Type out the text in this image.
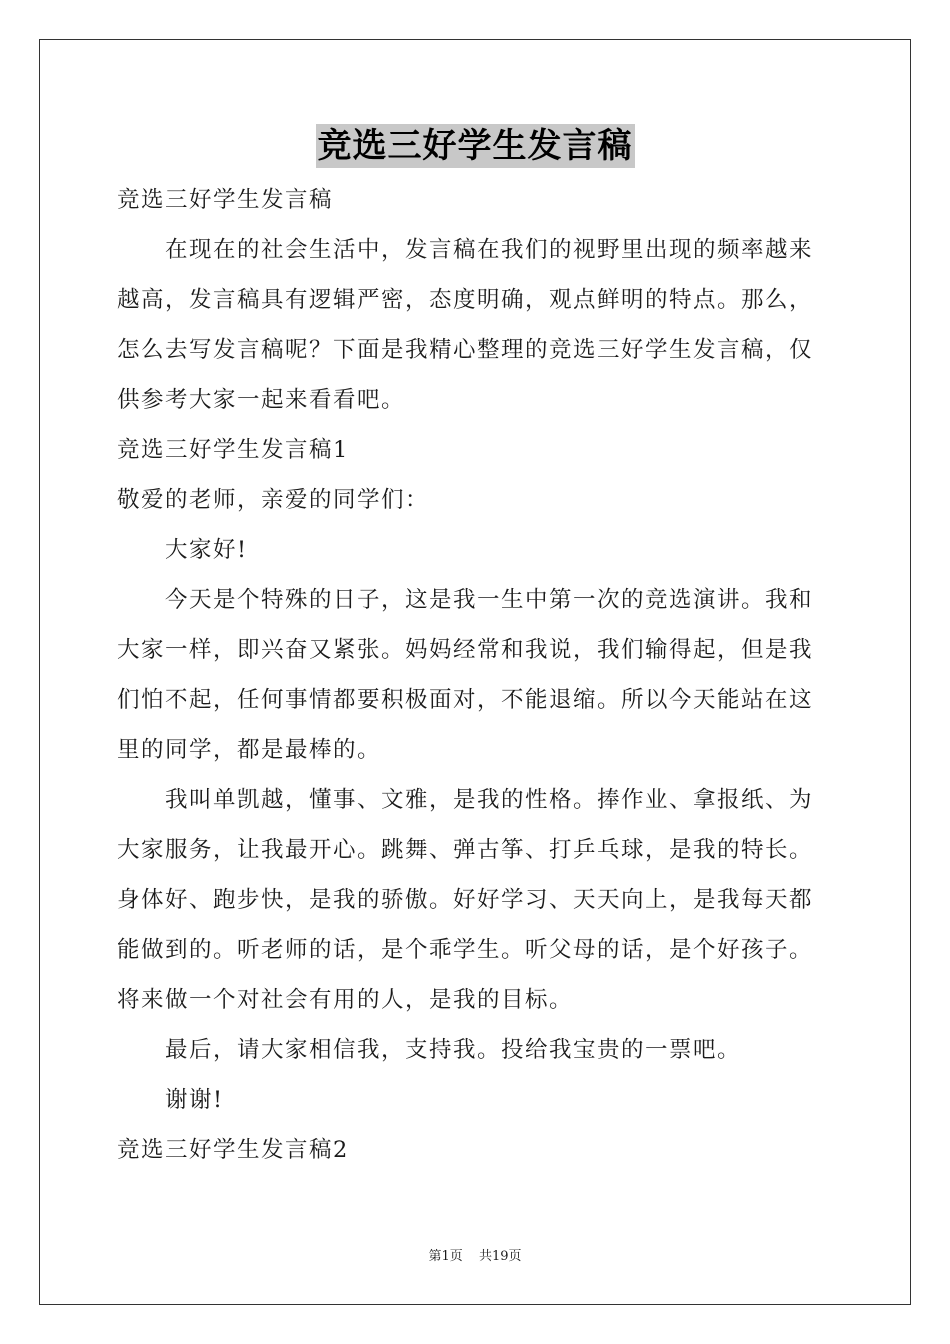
竞选三好学生发言稿

竞选三好学生发言稿

在现在的社会生活中，发言稿在我们的视野里出现的频率越来越高，发言稿具有逻辑严密，态度明确，观点鲜明的特点。那么，怎么去写发言稿呢？下面是我精心整理的竞选三好学生发言稿，仅供参考大家一起来看看吧。

竞选三好学生发言稿1

敬爱的老师，亲爱的同学们：

大家好!

今天是个特殊的日子，这是我一生中第一次的竞选演讲。我和大家一样，即兴奋又紧张。妈妈经常和我说，我们输得起，但是我们怕不起，任何事情都要积极面对，不能退缩。所以今天能站在这里的同学，都是最棒的。

我叫单凯越，懂事、文雅，是我的性格。捧作业、拿报纸、为大家服务，让我最开心。跳舞、弹古筝、打乒乓球，是我的特长。身体好、跑步快，是我的骄傲。好好学习、天天向上，是我每天都能做到的。听老师的话，是个乖学生。听父母的话，是个好孩子。将来做一个对社会有用的人，是我的目标。

最后，请大家相信我，支持我。投给我宝贵的一票吧。

谢谢!

竞选三好学生发言稿2

第1页 共19页
